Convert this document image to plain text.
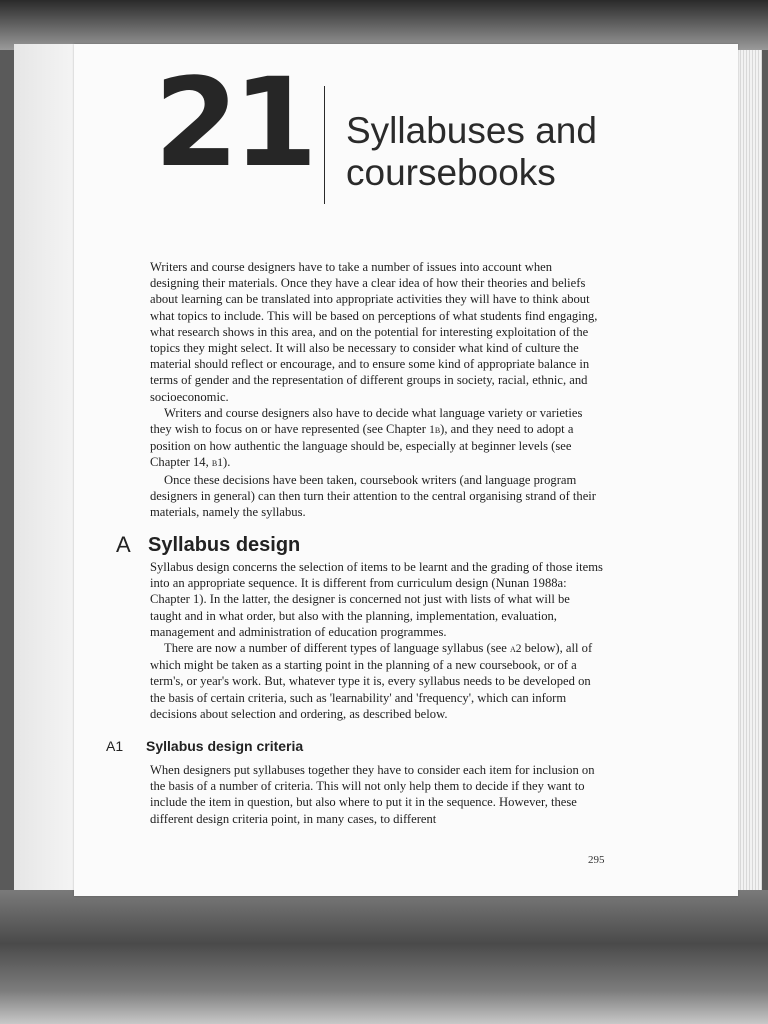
21 Syllabuses and
coursebooks

Writers and course designers have to take a number of issues into account when designing their materials. Once they have a clear idea of how their theories and beliefs about learning can be translated into appropriate activities they will have to think about what topics to include. This will be based on perceptions of what students find engaging, what research shows in this area, and on the potential for interesting exploitation of the topics they might select. It will also be necessary to consider what kind of culture the material should reflect or encourage, and to ensure some kind of appropriate balance in terms of gender and the representation of different groups in society, racial, ethnic, and socioeconomic.

Writers and course designers also have to decide what language variety or varieties they wish to focus on or have represented (see Chapter 1b), and they need to adopt a position on how authentic the language should be, especially at beginner levels (see Chapter 14, b1).

Once these decisions have been taken, coursebook writers (and language program designers in general) can then turn their attention to the central organising strand of their materials, namely the syllabus.

A Syllabus design

Syllabus design concerns the selection of items to be learnt and the grading of those items into an appropriate sequence. It is different from curriculum design (Nunan 1988a: Chapter 1). In the latter, the designer is concerned not just with lists of what will be taught and in what order, but also with the planning, implementation, evaluation, management and administration of education programmes.

There are now a number of different types of language syllabus (see a2 below), all of which might be taken as a starting point in the planning of a new coursebook, or of a term's, or year's work. But, whatever type it is, every syllabus needs to be developed on the basis of certain criteria, such as 'learnability' and 'frequency', which can inform decisions about selection and ordering, as described below.

A1 Syllabus design criteria

When designers put syllabuses together they have to consider each item for inclusion on the basis of a number of criteria. This will not only help them to decide if they want to include the item in question, but also where to put it in the sequence. However, these different design criteria point, in many cases, to different

295
